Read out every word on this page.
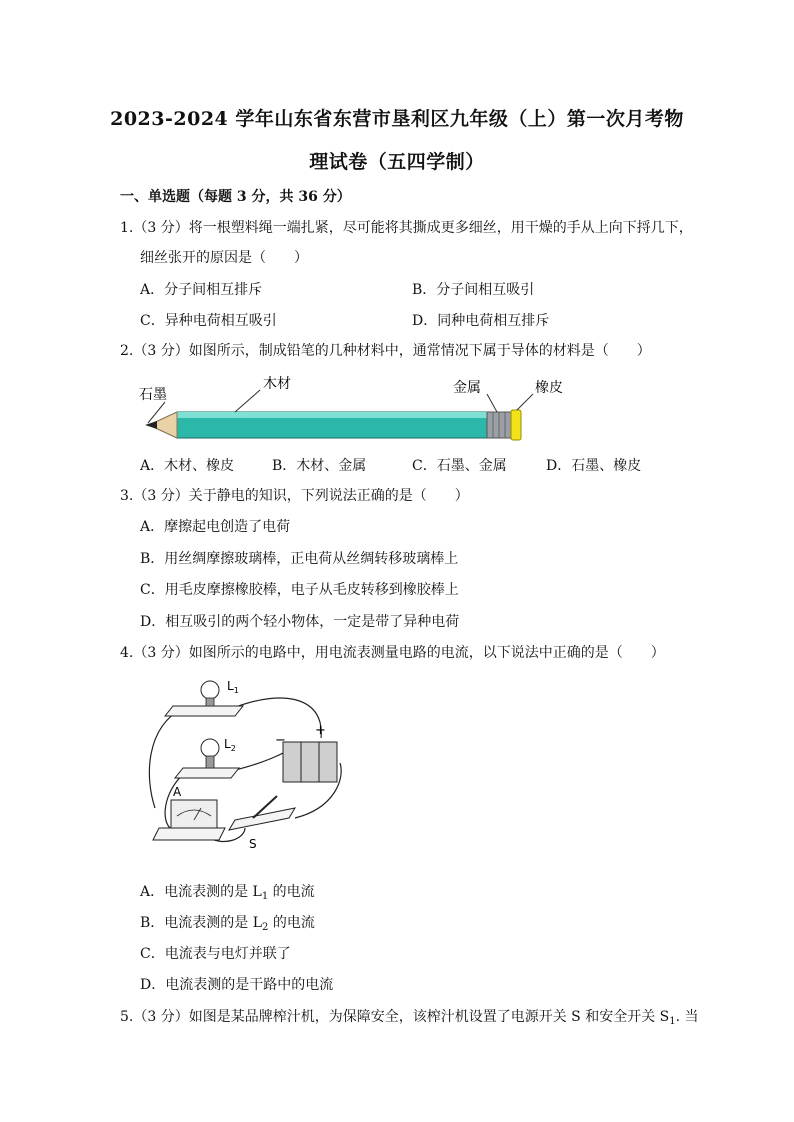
2023-2024 学年山东省东营市垦利区九年级（上）第一次月考物
理试卷（五四学制）
一、单选题（每题 3 分，共 36 分）
1.（3 分）将一根塑料绳一端扎紧，尽可能将其撕成更多细丝，用干燥的手从上向下捋几下，
细丝张开的原因是（　　）
A．分子间相互排斥	B．分子间相互吸引
C．异种电荷相互吸引	D．同种电荷相互排斥
2.（3 分）如图所示，制成铅笔的几种材料中，通常情况下属于导体的材料是（　　）
石墨
木材	金属	橡皮
A．木材、橡皮	B．木材、金属	C．石墨、金属	D．石墨、橡皮
3.（3 分）关于静电的知识，下列说法正确的是（　　）
A．摩擦起电创造了电荷
B．用丝绸摩擦玻璃棒，正电荷从丝绸转移玻璃棒上
C．用毛皮摩擦橡胶棒，电子从毛皮转移到橡胶棒上
D．相互吸引的两个轻小物体，一定是带了异种电荷
4.（3 分）如图所示的电路中，用电流表测量电路的电流，以下说法中正确的是（　　）
$L_1$
$L_2$
+
−
A
S
A．电流表测的是 $L_1$ 的电流
B．电流表测的是 $L_2$ 的电流
C．电流表与电灯并联了
D．电流表测的是干路中的电流
5.（3 分）如图是某品牌榨汁机，为保障安全，该榨汁机设置了电源开关 S 和安全开关 $S_1$. 当
